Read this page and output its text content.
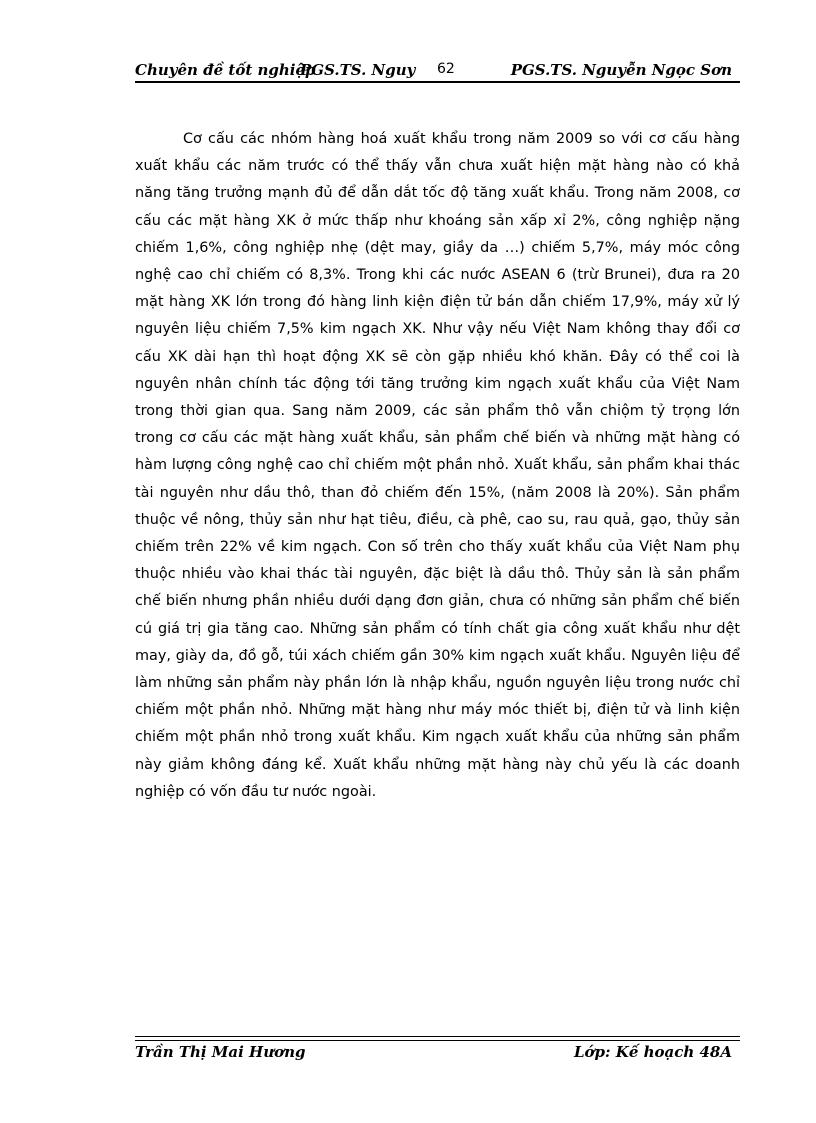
Chuyên đề tốt nghiệp
PGS.TS. Nguy 62	PGS.TS. Nguyễn Ngọc Sơn

Cơ cấu các nhóm hàng hoá xuất khẩu trong năm 2009 so với cơ cấu hàng xuất khẩu các năm trước có thể thấy vẫn chưa xuất hiện mặt hàng nào có khả năng tăng trưởng mạnh đủ để dẫn dắt tốc độ tăng xuất khẩu. Trong năm 2008, cơ cấu các mặt hàng XK ở mức thấp như khoáng sản xấp xỉ 2%, công nghiệp nặng chiếm 1,6%, công nghiệp nhẹ (dệt may, giầy da …) chiếm 5,7%, máy móc công nghệ cao chỉ chiếm có 8,3%. Trong khi các nước ASEAN 6 (trừ Brunei), đưa ra 20 mặt hàng XK lớn trong đó hàng linh kiện điện tử bán dẫn chiếm 17,9%, máy xử lý nguyên liệu chiếm 7,5% kim ngạch XK. Như vậy nếu Việt Nam không thay đổi cơ cấu XK dài hạn thì hoạt động XK sẽ còn gặp nhiều khó khăn. Đây có thể coi là nguyên nhân chính tác động tới tăng trưởng kim ngạch xuất khẩu của Việt Nam trong thời gian qua. Sang năm 2009, các sản phẩm thô vẫn chiộm tỷ trọng lớn trong cơ cấu các mặt hàng xuất khẩu, sản phẩm chế biến và những mặt hàng có hàm lượng công nghệ cao chỉ chiếm một phần nhỏ. Xuất khẩu, sản phẩm khai thác tài nguyên như dầu thô, than đỏ chiếm đến 15%, (năm 2008 là 20%). Sản phẩm thuộc về nông, thủy sản như hạt tiêu, điều, cà phê, cao su, rau quả, gạo, thủy sản chiếm trên 22% về kim ngạch. Con số trên cho thấy xuất khẩu của Việt Nam phụ thuộc nhiều vào khai thác tài nguyên, đặc biệt là dầu thô. Thủy sản là sản phẩm chế biến nhưng phần nhiều dưới dạng đơn giản, chưa có những sản phẩm chế biến cú giá trị gia tăng cao. Những sản phẩm có tính chất gia công xuất khẩu như dệt may, giày da, đồ gỗ, túi xách chiếm gần 30% kim ngạch xuất khẩu. Nguyên liệu để làm những sản phẩm này phần lớn là nhập khẩu, nguồn nguyên liệu trong nước chỉ chiếm một phần nhỏ. Những mặt hàng như máy móc thiết bị, điện tử và linh kiện chiếm một phần nhỏ trong xuất khẩu. Kim ngạch xuất khẩu của những sản phẩm này giảm không đáng kể. Xuất khẩu những mặt hàng này chủ yếu là các doanh nghiệp có vốn đầu tư nước ngoài.

Trần Thị Mai Hương	Lớp: Kế hoạch 48A
